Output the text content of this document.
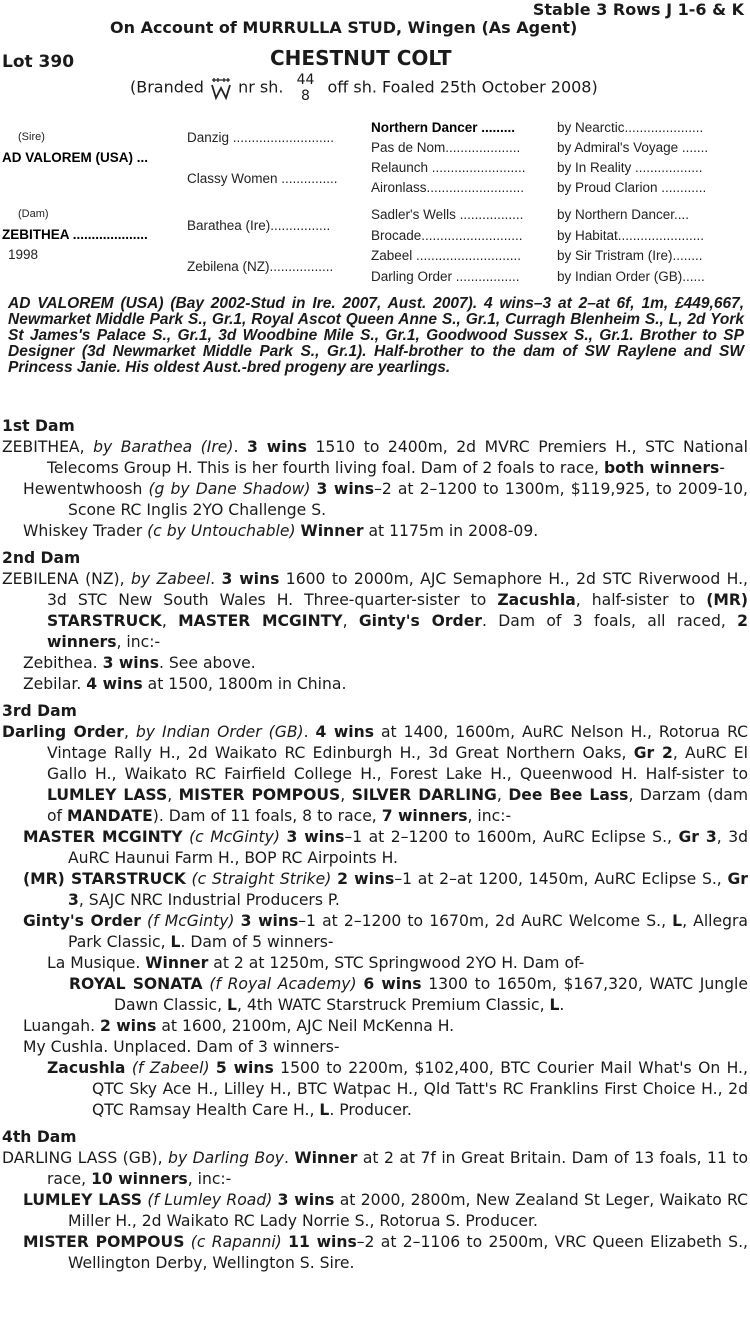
Stable 3 Rows J 1-6 & K
On Account of MURRULLA STUD, Wingen (As Agent)
Lot 390	CHESTNUT COLT
(Branded nr sh. 44
8 off sh. Foaled 25th October 2008)
(Sire)
AD VALOREM (USA) ...
(Dam)
ZEBITHEA ....................
1998
Danzig ...........................
Classy Women ...............
Barathea (Ire)................
Zebilena (NZ).................
Northern Dancer .........
Pas de Nom....................
Relaunch .........................
Aironlass..........................
Sadler's Wells .................
Brocade...........................
Zabeel ............................
Darling Order .................
by Nearctic.....................
by Admiral's Voyage .......
by In Reality ..................
by Proud Clarion ............
by Northern Dancer....
by Habitat.......................
by Sir Tristram (Ire)........
by Indian Order (GB)......
AD VALOREM (USA) (Bay 2002-Stud in Ire. 2007, Aust. 2007). 4 wins–3 at 2–at 6f, 1m, £449,667, Newmarket Middle Park S., Gr.1, Royal Ascot Queen Anne S., Gr.1, Curragh Blenheim S., L, 2d York St James's Palace S., Gr.1, 3d Woodbine Mile S., Gr.1, Goodwood Sussex S., Gr.1. Brother to SP Designer (3d Newmarket Middle Park S., Gr.1). Half-brother to the dam of SW Raylene and SW Princess Janie. His oldest Aust.-bred progeny are yearlings.
1st Dam
ZEBITHEA, by Barathea (Ire). 3 wins 1510 to 2400m, 2d MVRC Premiers H., STC National Telecoms Group H. This is her fourth living foal. Dam of 2 foals to race, both winners-
Hewentwhoosh (g by Dane Shadow) 3 wins–2 at 2–1200 to 1300m, $119,925, to 2009-10, Scone RC Inglis 2YO Challenge S.
Whiskey Trader (c by Untouchable) Winner at 1175m in 2008-09.
2nd Dam
ZEBILENA (NZ), by Zabeel. 3 wins 1600 to 2000m, AJC Semaphore H., 2d STC Riverwood H., 3d STC New South Wales H. Three-quarter-sister to Zacushla, half-sister to (MR) STARSTRUCK, MASTER MCGINTY, Ginty's Order. Dam of 3 foals, all raced, 2 winners, inc:-
Zebithea. 3 wins. See above.
Zebilar. 4 wins at 1500, 1800m in China.
3rd Dam
Darling Order, by Indian Order (GB). 4 wins at 1400, 1600m, AuRC Nelson H., Rotorua RC Vintage Rally H., 2d Waikato RC Edinburgh H., 3d Great Northern Oaks, Gr 2, AuRC El Gallo H., Waikato RC Fairfield College H., Forest Lake H., Queenwood H. Half-sister to LUMLEY LASS, MISTER POMPOUS, SILVER DARLING, Dee Bee Lass, Darzam (dam of MANDATE). Dam of 11 foals, 8 to race, 7 winners, inc:-
MASTER MCGINTY (c McGinty) 3 wins–1 at 2–1200 to 1600m, AuRC Eclipse S., Gr 3, 3d AuRC Haunui Farm H., BOP RC Airpoints H.
(MR) STARSTRUCK (c Straight Strike) 2 wins–1 at 2–at 1200, 1450m, AuRC Eclipse S., Gr 3, SAJC NRC Industrial Producers P.
Ginty's Order (f McGinty) 3 wins–1 at 2–1200 to 1670m, 2d AuRC Welcome S., L, Allegra Park Classic, L. Dam of 5 winners-
La Musique. Winner at 2 at 1250m, STC Springwood 2YO H. Dam of-
ROYAL SONATA (f Royal Academy) 6 wins 1300 to 1650m, $167,320, WATC Jungle Dawn Classic, L, 4th WATC Starstruck Premium Classic, L.
Luangah. 2 wins at 1600, 2100m, AJC Neil McKenna H.
My Cushla. Unplaced. Dam of 3 winners-
Zacushla (f Zabeel) 5 wins 1500 to 2200m, $102,400, BTC Courier Mail What's On H., QTC Sky Ace H., Lilley H., BTC Watpac H., Qld Tatt's RC Franklins First Choice H., 2d QTC Ramsay Health Care H., L. Producer.
4th Dam
DARLING LASS (GB), by Darling Boy. Winner at 2 at 7f in Great Britain. Dam of 13 foals, 11 to race, 10 winners, inc:-
LUMLEY LASS (f Lumley Road) 3 wins at 2000, 2800m, New Zealand St Leger, Waikato RC Miller H., 2d Waikato RC Lady Norrie S., Rotorua S. Producer.
MISTER POMPOUS (c Rapanni) 11 wins–2 at 2–1106 to 2500m, VRC Queen Elizabeth S., Wellington Derby, Wellington S. Sire.
